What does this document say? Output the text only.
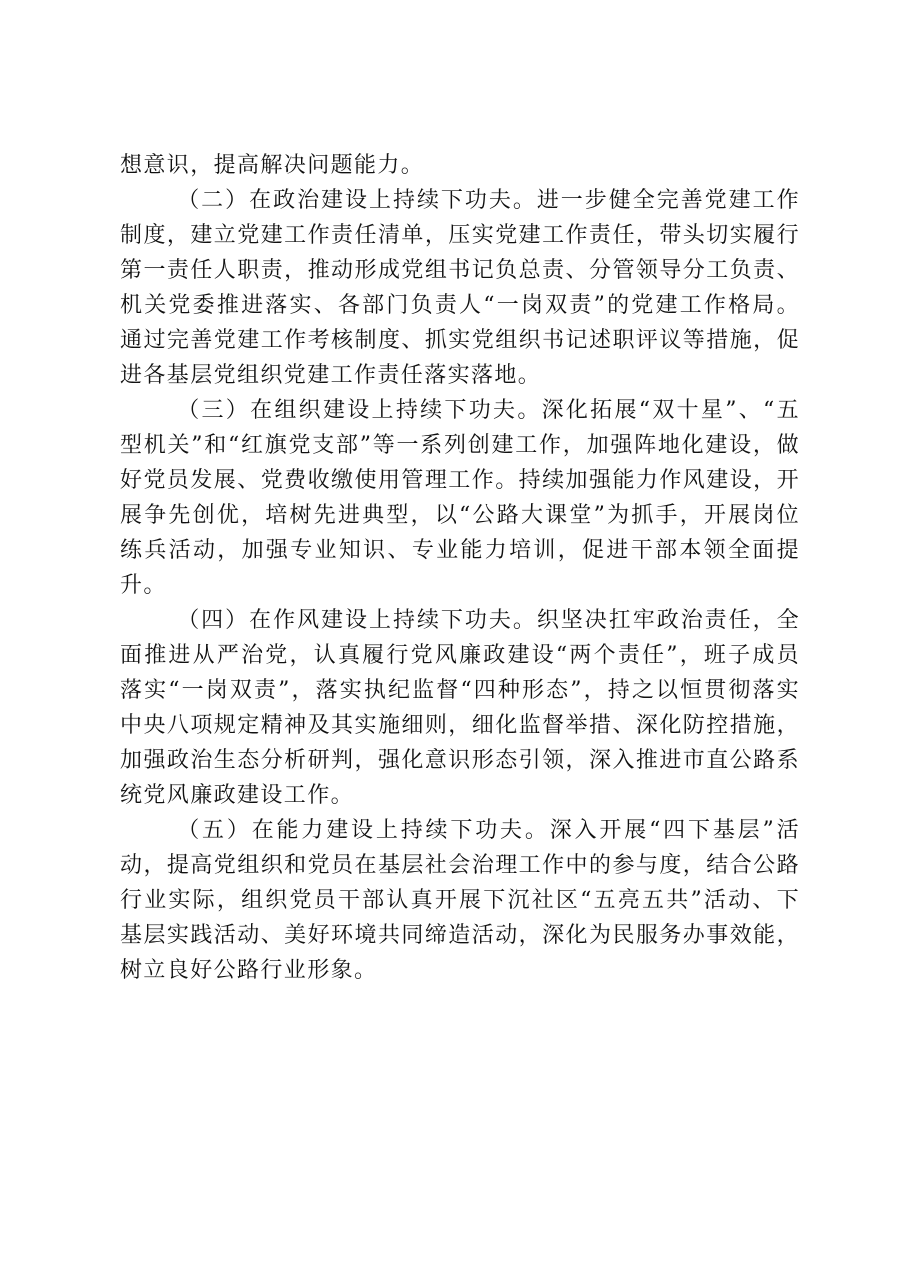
想意识，提高解决问题能力。

（二）在政治建设上持续下功夫。进一步健全完善党建工作制度，建立党建工作责任清单，压实党建工作责任，带头切实履行第一责任人职责，推动形成党组书记负总责、分管领导分工负责、机关党委推进落实、各部门负责人“一岗双责”的党建工作格局。通过完善党建工作考核制度、抓实党组织书记述职评议等措施，促进各基层党组织党建工作责任落实落地。

（三）在组织建设上持续下功夫。深化拓展“双十星”、“五型机关”和“红旗党支部”等一系列创建工作，加强阵地化建设，做好党员发展、党费收缴使用管理工作。持续加强能力作风建设，开展争先创优，培树先进典型，以“公路大课堂”为抓手，开展岗位练兵活动，加强专业知识、专业能力培训，促进干部本领全面提升。

（四）在作风建设上持续下功夫。织坚决扛牢政治责任，全面推进从严治党，认真履行党风廉政建设“两个责任”，班子成员落实“一岗双责”，落实执纪监督“四种形态”，持之以恒贯彻落实中央八项规定精神及其实施细则，细化监督举措、深化防控措施，加强政治生态分析研判，强化意识形态引领，深入推进市直公路系统党风廉政建设工作。

（五）在能力建设上持续下功夫。深入开展“四下基层”活动，提高党组织和党员在基层社会治理工作中的参与度，结合公路行业实际，组织党员干部认真开展下沉社区“五亮五共”活动、下基层实践活动、美好环境共同缔造活动，深化为民服务办事效能，树立良好公路行业形象。
